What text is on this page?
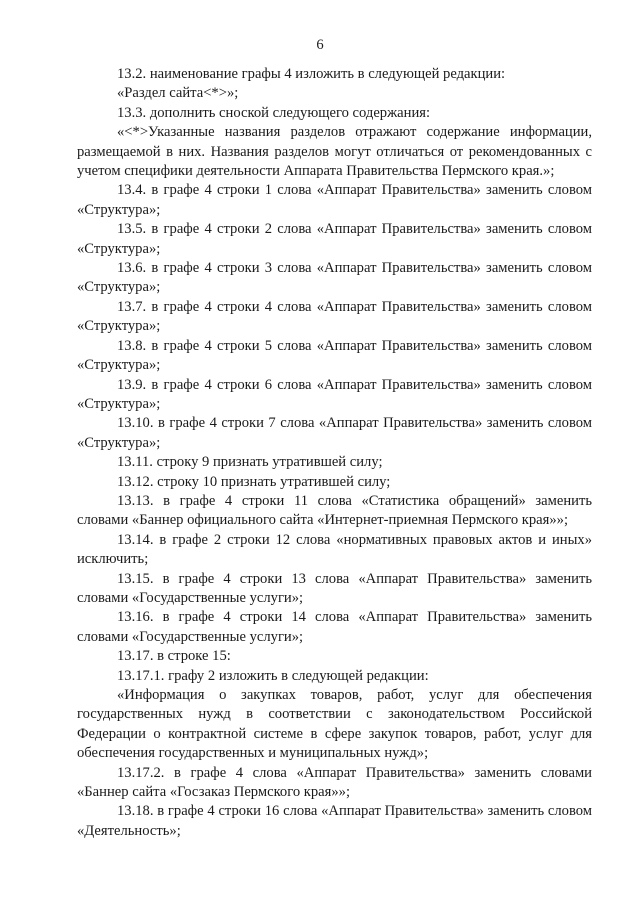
6

13.2. наименование графы 4 изложить в следующей редакции:

«Раздел сайта<*>»;

13.3. дополнить сноской следующего содержания:

«<*>Указанные названия разделов отражают содержание информации, размещаемой в них. Названия разделов могут отличаться от рекомендованных с учетом специфики деятельности Аппарата Правительства Пермского края.»;

13.4. в графе 4 строки 1 слова «Аппарат Правительства» заменить словом «Структура»;

13.5. в графе 4 строки 2 слова «Аппарат Правительства» заменить словом «Структура»;

13.6. в графе 4 строки 3 слова «Аппарат Правительства» заменить словом «Структура»;

13.7. в графе 4 строки 4 слова «Аппарат Правительства» заменить словом «Структура»;

13.8. в графе 4 строки 5 слова «Аппарат Правительства» заменить словом «Структура»;

13.9. в графе 4 строки 6 слова «Аппарат Правительства» заменить словом «Структура»;

13.10. в графе 4 строки 7 слова «Аппарат Правительства» заменить словом «Структура»;

13.11. строку 9 признать утратившей силу;

13.12. строку 10 признать утратившей силу;

13.13. в графе 4 строки 11 слова «Статистика обращений» заменить словами «Баннер официального сайта «Интернет-приемная Пермского края»»;

13.14. в графе 2 строки 12 слова «нормативных правовых актов и иных» исключить;

13.15. в графе 4 строки 13 слова «Аппарат Правительства» заменить словами «Государственные услуги»;

13.16. в графе 4 строки 14 слова «Аппарат Правительства» заменить словами «Государственные услуги»;

13.17. в строке 15:

13.17.1. графу 2 изложить в следующей редакции:

«Информация о закупках товаров, работ, услуг для обеспечения государственных нужд в соответствии с законодательством Российской Федерации о контрактной системе в сфере закупок товаров, работ, услуг для обеспечения государственных и муниципальных нужд»;

13.17.2. в графе 4 слова «Аппарат Правительства» заменить словами «Баннер сайта «Госзаказ Пермского края»»;

13.18. в графе 4 строки 16 слова «Аппарат Правительства» заменить словом «Деятельность»;
